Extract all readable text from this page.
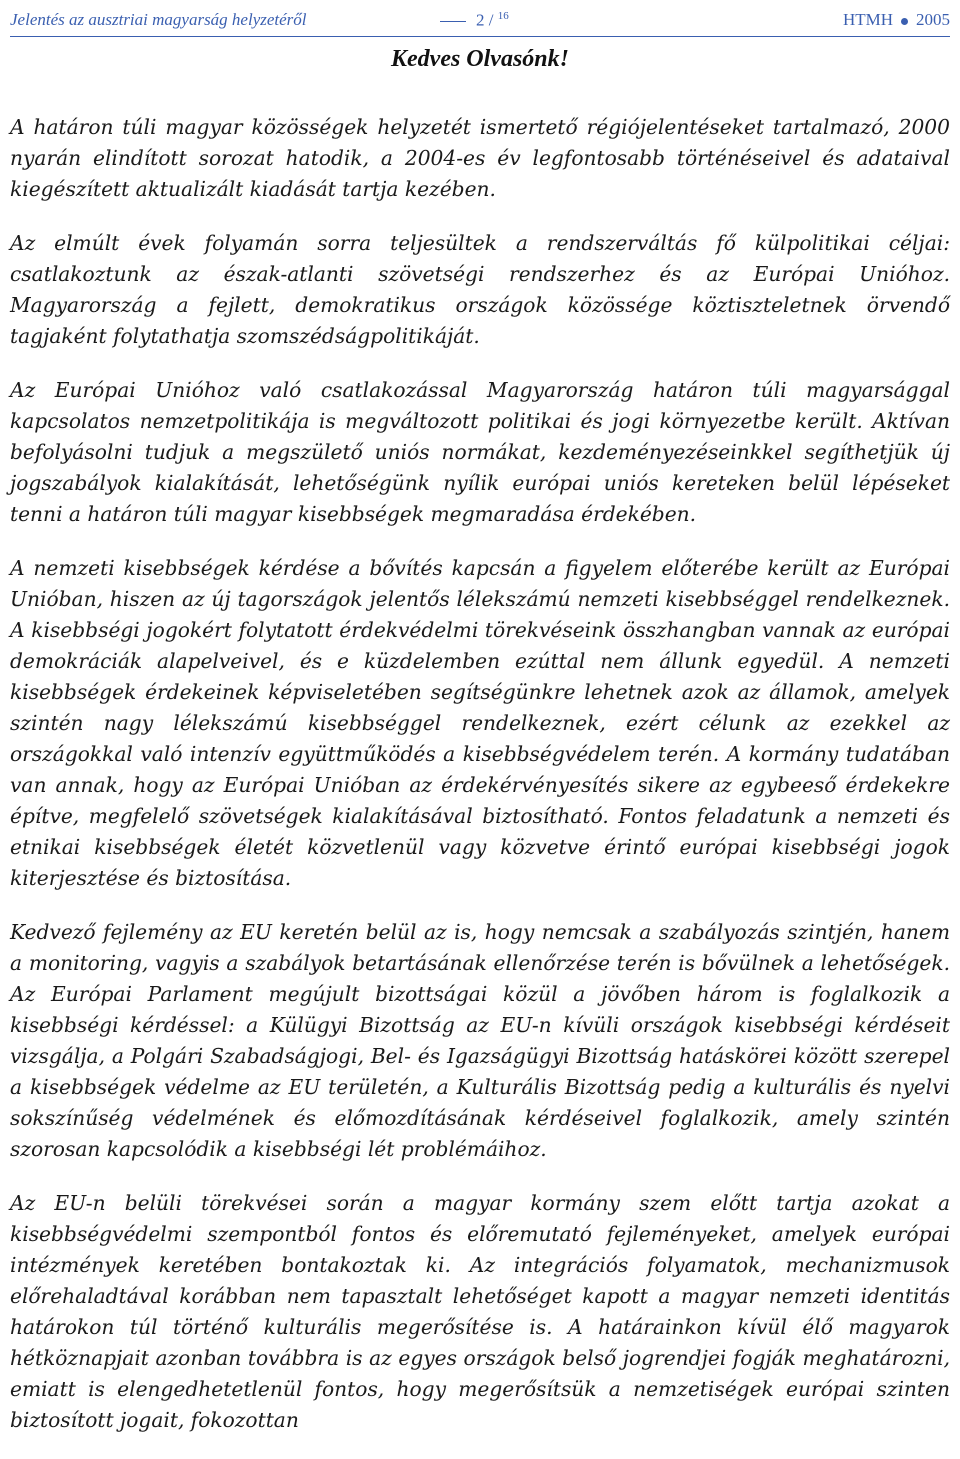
Jelentés az ausztriai magyarság helyzetéről	2 / $^{16}$	HTMH 2005
Kedves Olvasónk!

A határon túli magyar közösségek helyzetét ismertető régiójelentéseket tartalmazó, 2000 nyarán elindított sorozat hatodik, a 2004-es év legfontosabb történéseivel és adataival kiegészített aktualizált kiadását tartja kezében.

Az elmúlt évek folyamán sorra teljesültek a rendszerváltás fő külpolitikai céljai: csatlakoztunk az észak-atlanti szövetségi rendszerhez és az Európai Unióhoz. Magyarország a fejlett, demokratikus országok közössége köztiszteletnek örvendő tagjaként folytathatja szomszédságpolitikáját.

Az Európai Unióhoz való csatlakozással Magyarország határon túli magyarsággal kapcsolatos nemzetpolitikája is megváltozott politikai és jogi környezetbe került. Aktívan befolyásolni tudjuk a megszülető uniós normákat, kezdeményezéseinkkel segíthetjük új jogszabályok kialakítását, lehetőségünk nyílik európai uniós kereteken belül lépéseket tenni a határon túli magyar kisebbségek megmaradása érdekében.

A nemzeti kisebbségek kérdése a bővítés kapcsán a figyelem előterébe került az Európai Unióban, hiszen az új tagországok jelentős lélekszámú nemzeti kisebbséggel rendelkeznek. A kisebbségi jogokért folytatott érdekvédelmi törekvéseink összhangban vannak az európai demokráciák alapelveivel, és e küzdelemben ezúttal nem állunk egyedül. A nemzeti kisebbségek érdekeinek képviseletében segítségünkre lehetnek azok az államok, amelyek szintén nagy lélekszámú kisebbséggel rendelkeznek, ezért célunk az ezekkel az országokkal való intenzív együttműködés a kisebbségvédelem terén. A kormány tudatában van annak, hogy az Európai Unióban az érdekérvényesítés sikere az egybeeső érdekekre építve, megfelelő szövetségek kialakításával biztosítható. Fontos feladatunk a nemzeti és etnikai kisebbségek életét közvetlenül vagy közvetve érintő európai kisebbségi jogok kiterjesztése és biztosítása.

Kedvező fejlemény az EU keretén belül az is, hogy nemcsak a szabályozás szintjén, hanem a monitoring, vagyis a szabályok betartásának ellenőrzése terén is bővülnek a lehetőségek. Az Európai Parlament megújult bizottságai közül a jövőben három is foglalkozik a kisebbségi kérdéssel: a Külügyi Bizottság az EU-n kívüli országok kisebbségi kérdéseit vizsgálja, a Polgári Szabadságjogi, Bel- és Igazságügyi Bizottság hatáskörei között szerepel a kisebbségek védelme az EU területén, a Kulturális Bizottság pedig a kulturális és nyelvi sokszínűség védelmének és előmozdításának kérdéseivel foglalkozik, amely szintén szorosan kapcsolódik a kisebbségi lét problémáihoz.

Az EU-n belüli törekvései során a magyar kormány szem előtt tartja azokat a kisebbségvédelmi szempontból fontos és előremutató fejleményeket, amelyek európai intézmények keretében bontakoztak ki. Az integrációs folyamatok, mechanizmusok előrehaladtával korábban nem tapasztalt lehetőséget kapott a magyar nemzeti identitás határokon túl történő kulturális megerősítése is. A határainkon kívül élő magyarok hétköznapjait azonban továbbra is az egyes országok belső jogrendjei fogják meghatározni, emiatt is elengedhetetlenül fontos, hogy megerősítsük a nemzetiségek európai szinten biztosított jogait, fokozottan
